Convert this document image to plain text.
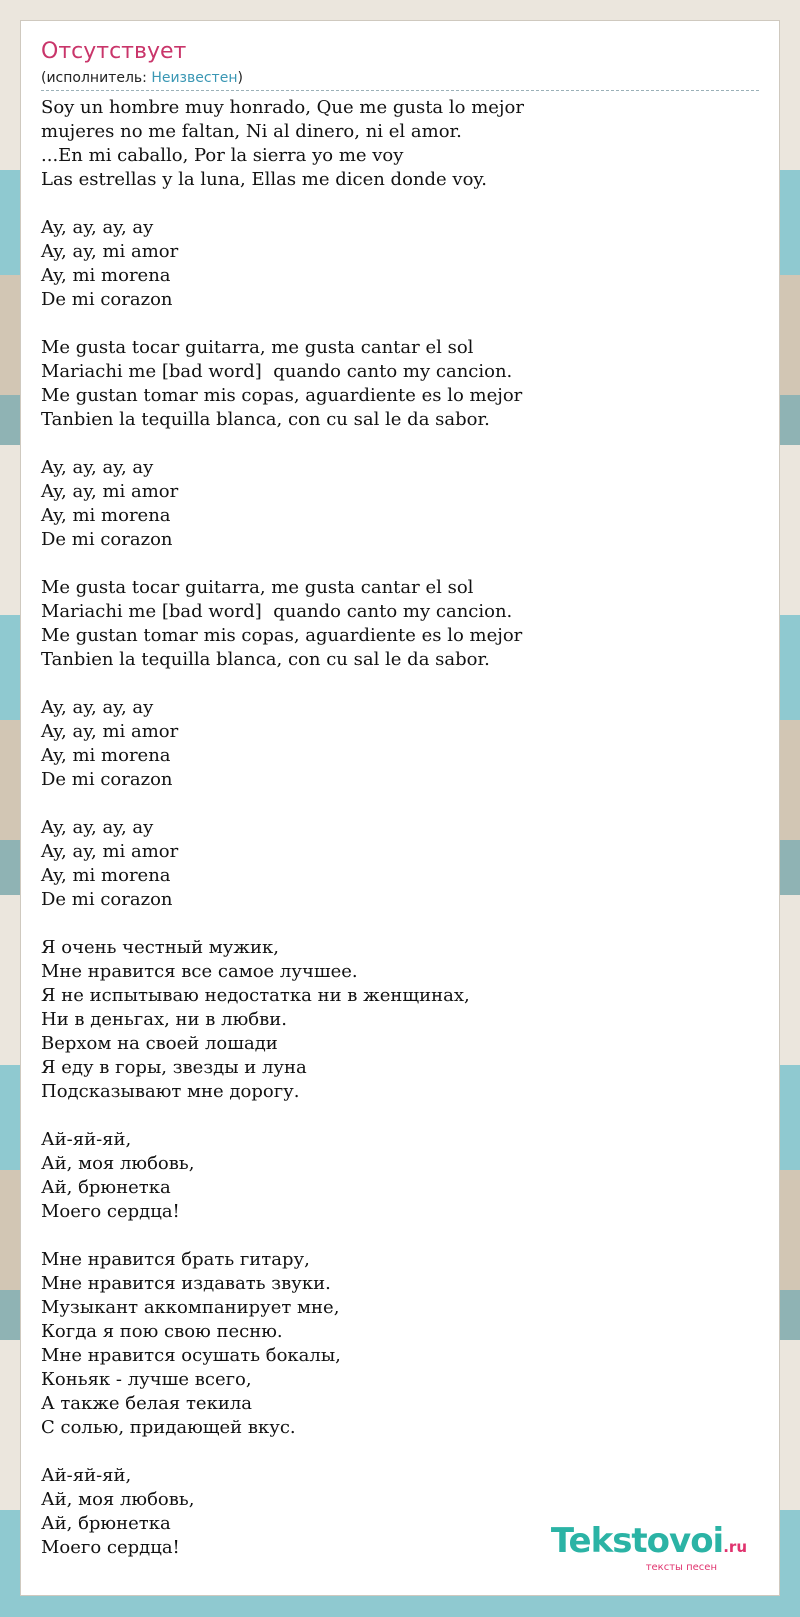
Отсутствует
(исполнитель: Неизвестен)
Soy un hombre muy honrado, Que me gusta lo mejor
mujeres no me faltan, Ni al dinero, ni el amor.
...En mi caballo, Por la sierra yo me voy
Las estrellas y la luna, Ellas me dicen donde voy.

Ay, ay, ay, ay
Ay, ay, mi amor
Ay, mi morena
De mi corazon

Me gusta tocar guitarra, me gusta cantar el sol
Mariachi me [bad word]  quando canto my cancion.
Me gustan tomar mis copas, aguardiente es lo mejor
Tanbien la tequilla blanca, con cu sal le da sabor.

Ay, ay, ay, ay
Ay, ay, mi amor
Ay, mi morena
De mi corazon

Me gusta tocar guitarra, me gusta cantar el sol
Mariachi me [bad word]  quando canto my cancion.
Me gustan tomar mis copas, aguardiente es lo mejor
Tanbien la tequilla blanca, con cu sal le da sabor.

Ay, ay, ay, ay
Ay, ay, mi amor
Ay, mi morena
De mi corazon

Ay, ay, ay, ay
Ay, ay, mi amor
Ay, mi morena
De mi corazon

Я очень честный мужик,
Мне нравится все самое лучшее.
Я не испытываю недостатка ни в женщинах,
Ни в деньгах, ни в любви.
Верхом на своей лошади
Я еду в горы, звезды и луна
Подсказывают мне дорогу.

Ай-яй-яй,
Ай, моя любовь,
Ай, брюнетка
Моего сердца!

Мне нравится брать гитару,
Мне нравится издавать звуки.
Музыкант аккомпанирует мне,
Когда я пою свою песню.
Мне нравится осушать бокалы,
Коньяк - лучше всего,
А также белая текила
С солью, придающей вкус.

Ай-яй-яй,
Ай, моя любовь,
Ай, брюнетка
Моего сердца!	Tekstovoi.ru
тексты песен
